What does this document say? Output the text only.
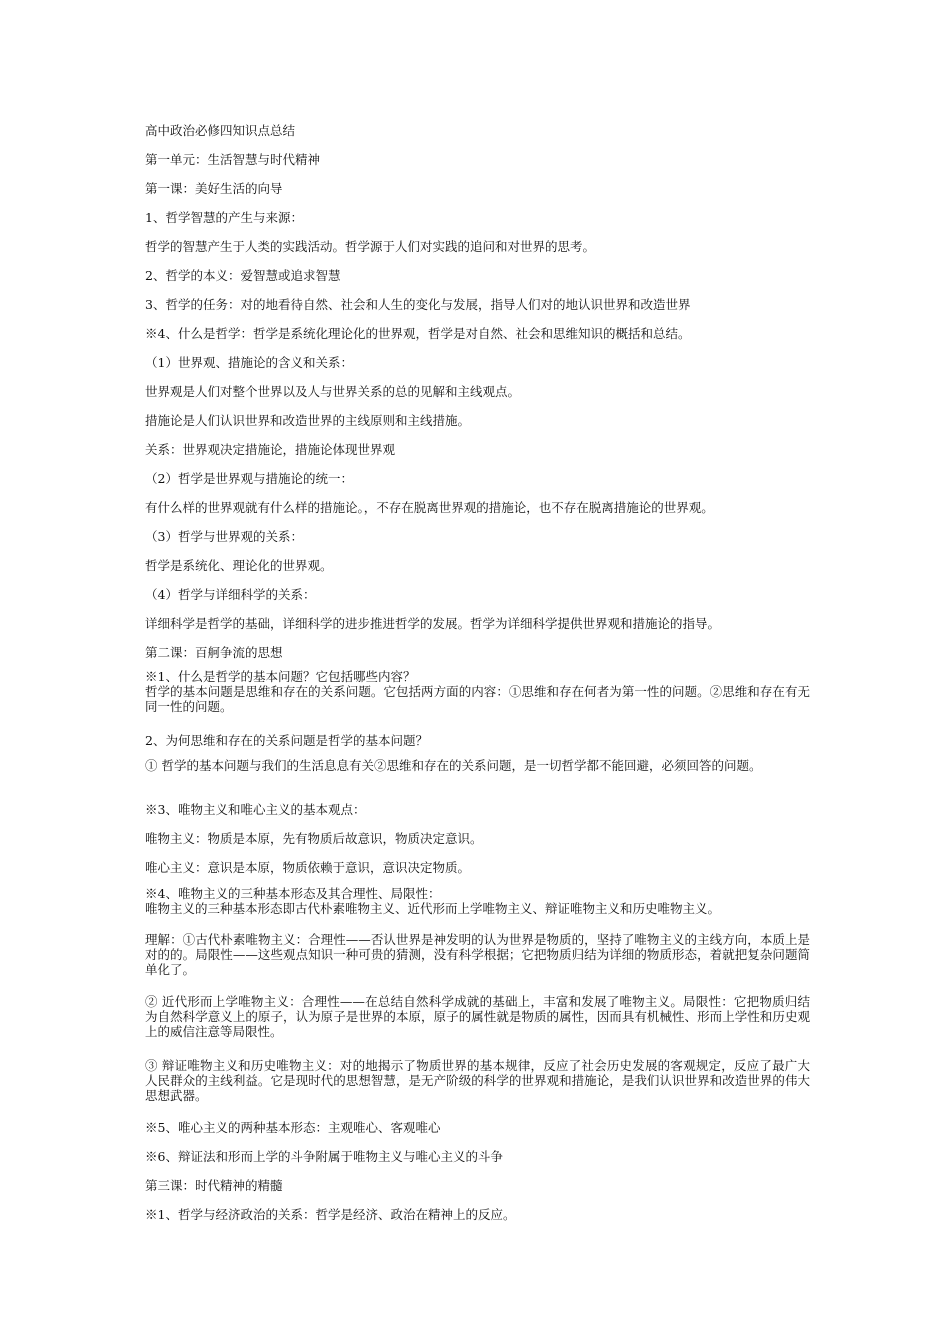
高中政治必修四知识点总结

第一单元：生活智慧与时代精神

第一课：美好生活的向导

1、哲学智慧的产生与来源：

哲学的智慧产生于人类的实践活动。哲学源于人们对实践的追问和对世界的思考。

2、哲学的本义：爱智慧或追求智慧

3、哲学的任务：对的地看待自然、社会和人生的变化与发展，指导人们对的地认识世界和改造世界

※4、什么是哲学：哲学是系统化理论化的世界观，哲学是对自然、社会和思维知识的概括和总结。

（1）世界观、措施论的含义和关系：

世界观是人们对整个世界以及人与世界关系的总的见解和主线观点。

措施论是人们认识世界和改造世界的主线原则和主线措施。

关系：世界观决定措施论，措施论体现世界观

（2）哲学是世界观与措施论的统一：

有什么样的世界观就有什么样的措施论。，不存在脱离世界观的措施论，也不存在脱离措施论的世界观。

（3）哲学与世界观的关系：

哲学是系统化、理论化的世界观。

（4）哲学与详细科学的关系：

详细科学是哲学的基础，详细科学的进步推进哲学的发展。哲学为详细科学提供世界观和措施论的指导。

第二课：百舸争流的思想

※1、什么是哲学的基本问题？它包括哪些内容？
哲学的基本问题是思维和存在的关系问题。它包括两方面的内容：①思维和存在何者为第一性的问题。②思维和存在有无同一性的问题。

2、为何思维和存在的关系问题是哲学的基本问题？

① 哲学的基本问题与我们的生活息息有关②思维和存在的关系问题，是一切哲学都不能回避，必须回答的问题。

※3、唯物主义和唯心主义的基本观点：

唯物主义：物质是本原，先有物质后故意识，物质决定意识。

唯心主义：意识是本原，物质依赖于意识，意识决定物质。

※4、唯物主义的三种基本形态及其合理性、局限性：
唯物主义的三种基本形态即古代朴素唯物主义、近代形而上学唯物主义、辩证唯物主义和历史唯物主义。

理解：①古代朴素唯物主义：合理性——否认世界是神发明的认为世界是物质的，坚持了唯物主义的主线方向，本质上是对的的。局限性——这些观点知识一种可贵的猜测，没有科学根据；它把物质归结为详细的物质形态，着就把复杂问题简单化了。

② 近代形而上学唯物主义：合理性——在总结自然科学成就的基础上，丰富和发展了唯物主义。局限性：它把物质归结为自然科学意义上的原子，认为原子是世界的本原，原子的属性就是物质的属性，因而具有机械性、形而上学性和历史观上的威信注意等局限性。

③ 辩证唯物主义和历史唯物主义：对的地揭示了物质世界的基本规律，反应了社会历史发展的客观规定，反应了最广大人民群众的主线利益。它是现时代的思想智慧，是无产阶级的科学的世界观和措施论，是我们认识世界和改造世界的伟大思想武器。

※5、唯心主义的两种基本形态：主观唯心、客观唯心

※6、辩证法和形而上学的斗争附属于唯物主义与唯心主义的斗争

第三课：时代精神的精髓

※1、哲学与经济政治的关系：哲学是经济、政治在精神上的反应。
